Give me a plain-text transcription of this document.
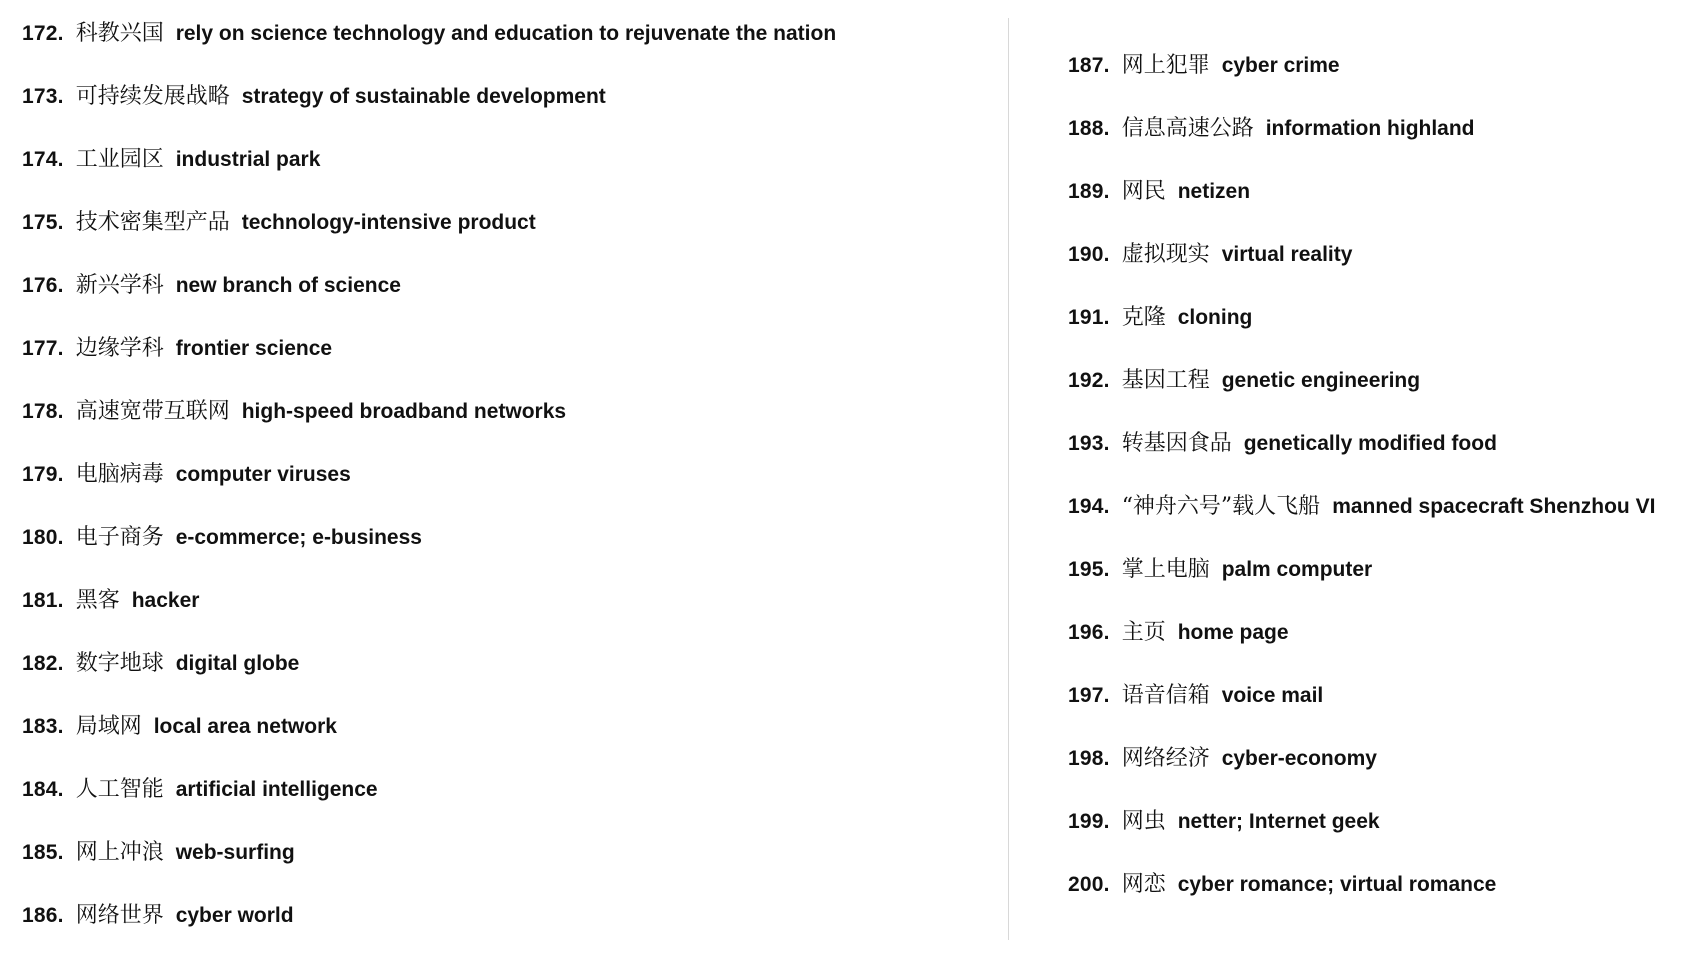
172. 科教兴国 rely on science technology and education to rejuvenate the nation
173. 可持续发展战略 strategy of sustainable development
174. 工业园区 industrial park
175. 技术密集型产品 technology-intensive product
176. 新兴学科 new branch of science
177. 边缘学科 frontier science
178. 高速宽带互联网 high-speed broadband networks
179. 电脑病毒 computer viruses
180. 电子商务 e-commerce; e-business
181. 黑客 hacker
182. 数字地球 digital globe
183. 局域网 local area network
184. 人工智能 artificial intelligence
185. 网上冲浪 web-surfing
186. 网络世界 cyber world
187. 网上犯罪 cyber crime
188. 信息高速公路 information highland
189. 网民 netizen
190. 虚拟现实 virtual reality
191. 克隆 cloning
192. 基因工程 genetic engineering
193. 转基因食品 genetically modified food
194. “神舟六号”载人飞船 manned spacecraft Shenzhou VI
195. 掌上电脑 palm computer
196. 主页 home page
197. 语音信箱 voice mail
198. 网络经济 cyber-economy
199. 网虫 netter; Internet geek
200. 网恋 cyber romance; virtual romance
